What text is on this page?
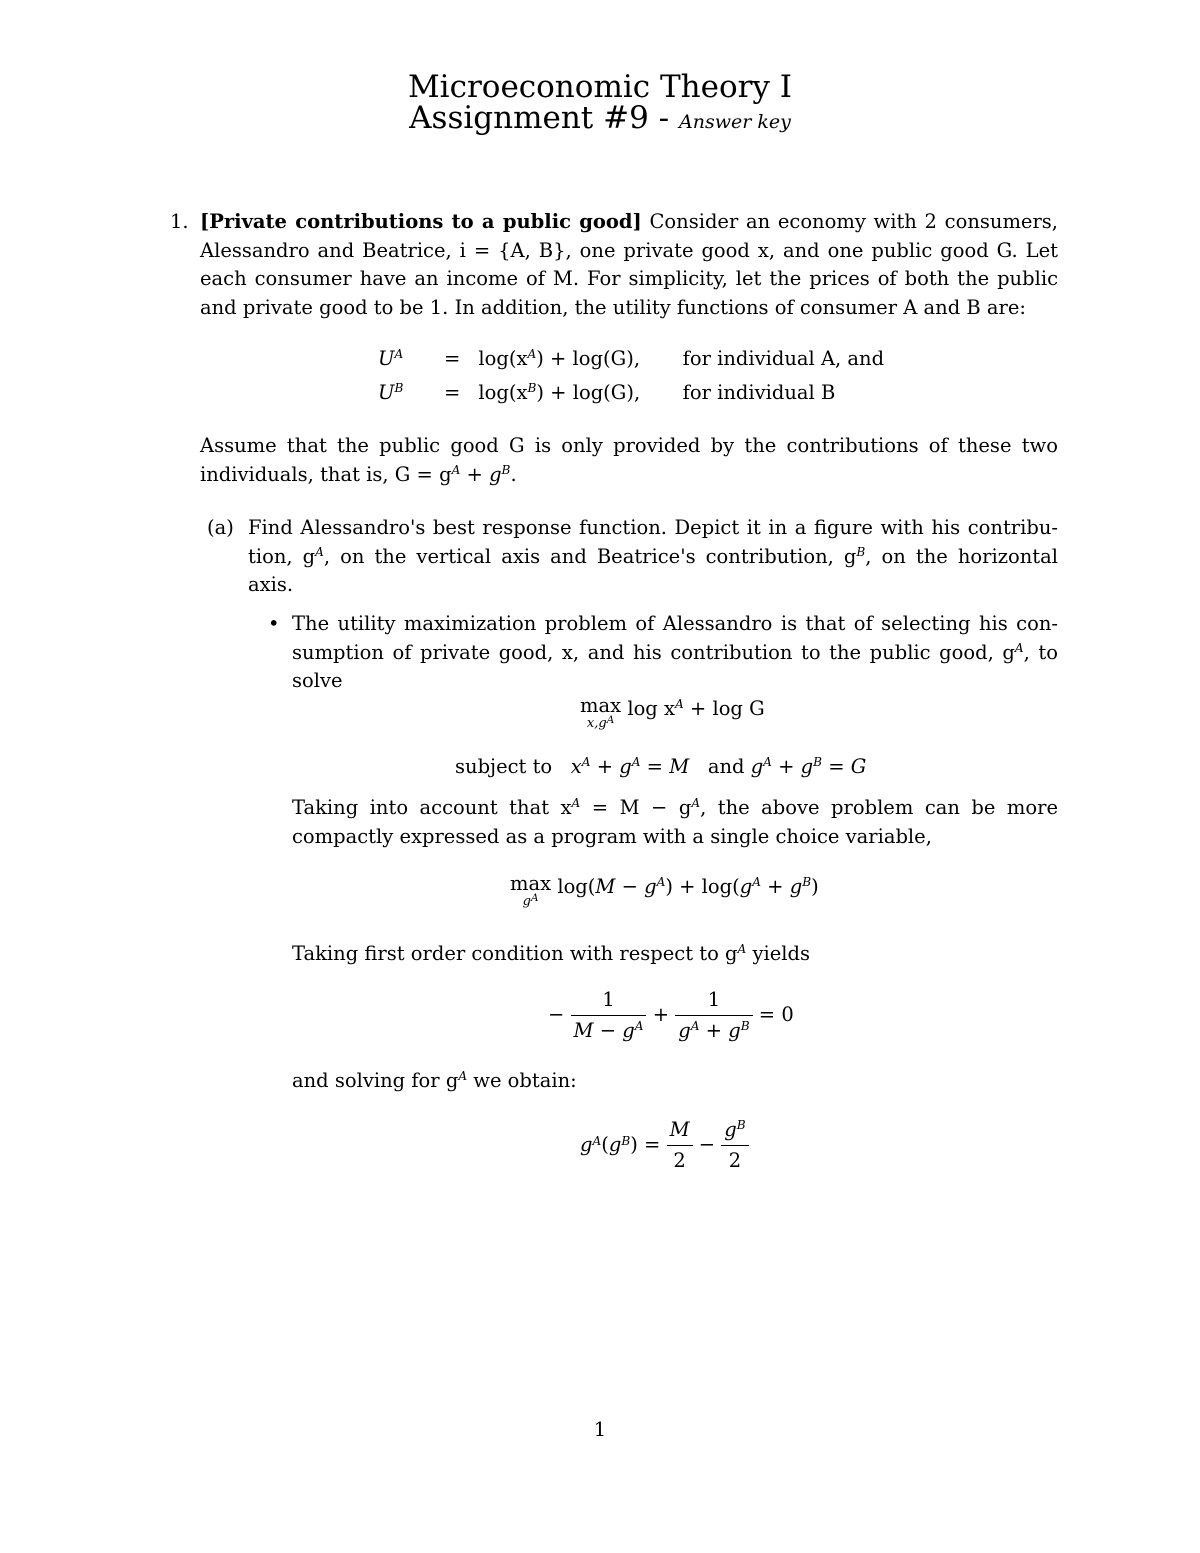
Microeconomic Theory I
Assignment #9 - Answer key
1. [Private contributions to a public good] Consider an economy with 2 consumers,
Alessandro and Beatrice, i = {A, B}, one private good x, and one public good G. Let
each consumer have an income of M. For simplicity, let the prices of both the public
and private good to be 1. In addition, the utility functions of consumer A and B are:
$U^A = \log(x^A) + \log(G)$, for individual A, and
$U^B = \log(x^B) + \log(G)$, for individual B
Assume that the public good G is only provided by the contributions of these two
individuals, that is, $G = g^A + g^B$.
(a) Find Alessandro's best response function. Depict it in a figure with his contribu-
tion, $g^A$, on the vertical axis and Beatrice's contribution, $g^B$, on the horizontal
axis.
• The utility maximization problem of Alessandro is that of selecting his con-
sumption of private good, x, and his contribution to the public good, $g^A$, to
solve
max
$x,g^A$ $\log x^A + \log G$
subject to $x^A + g^A = M$ and $g^A + g^B = G$
Taking into account that $x^A = M - g^A$, the above problem can be more
compactly expressed as a program with a single choice variable,
max
$g^A$ $\log(M - g^A) + \log(g^A + g^B)$
Taking first order condition with respect to $g^A$ yields
− $\frac{1}{M - g^A} + \frac{1}{g^A + g^B} = 0$
and solving for $g^A$ we obtain:
$g^A(g^B) = \frac{M}{2} - \frac{g^B}{2}$
1
